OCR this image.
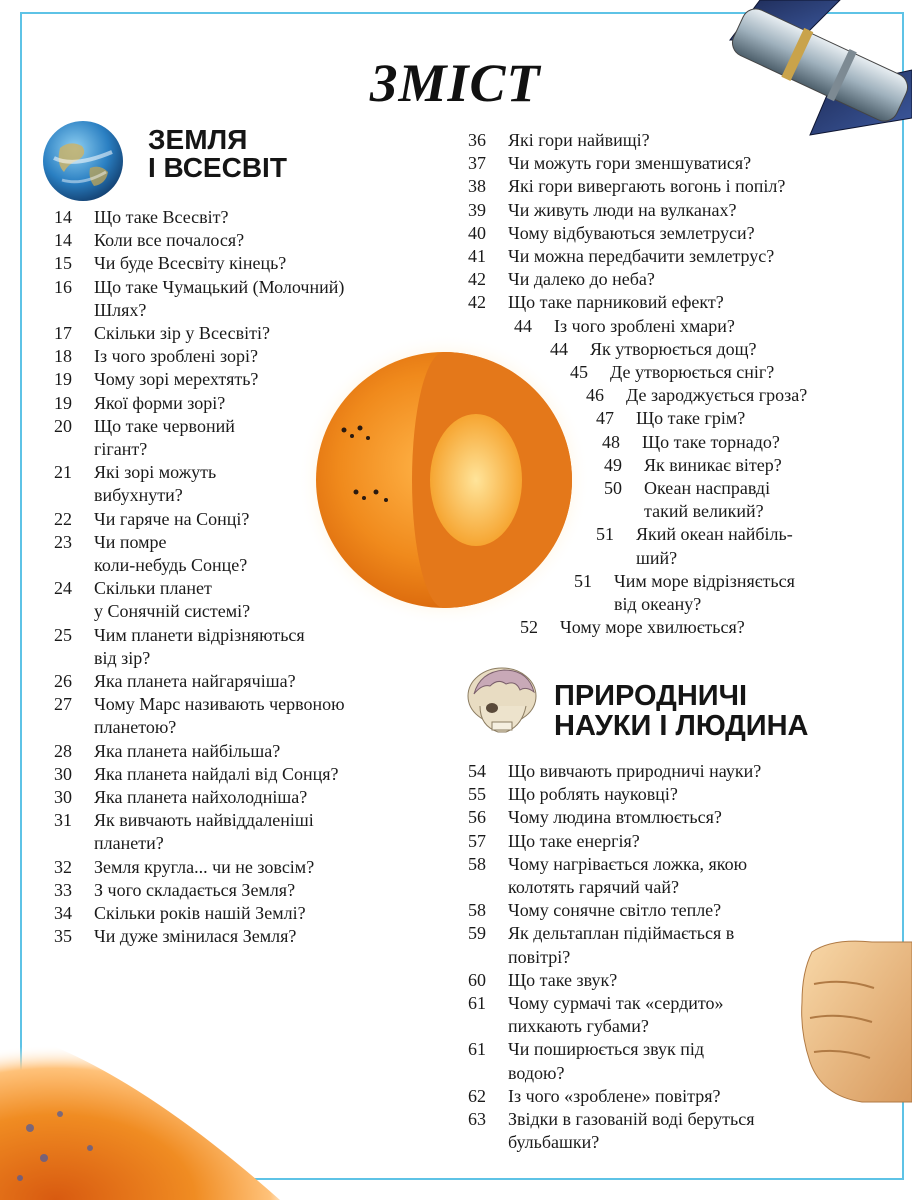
ЗМІСТ
ЗЕМЛЯ
І ВСЕСВІТ
14	Що таке Всесвіт?
14	Коли все почалося?
15	Чи буде Всесвіту кінець?
16	Що таке Чумацький (Молочний)
Шлях?
17	Скільки зір у Всесвіті?
18	Із чого зроблені зорі?
19	Чому зорі мерехтять?
19	Якої форми зорі?
20	Що таке червоний
гігант?
21	Які зорі можуть
вибухнути?
22	Чи гаряче на Сонці?
23	Чи помре
коли-небудь Сонце?
24	Скільки планет
у Сонячній системі?
25	Чим планети відрізняються
від зір?
26	Яка планета найгарячіша?
27	Чому Марс називають червоною
планетою?
28	Яка планета найбільша?
30	Яка планета найдалі від Сонця?
30	Яка планета найхолодніша?
31	Як вивчають найвіддаленіші
планети?
32	Земля кругла... чи не зовсім?
33	З чого складається Земля?
34	Скільки років нашій Землі?
35	Чи дуже змінилася Земля?
36	Які гори найвищі?
37	Чи можуть гори зменшуватися?
38	Які гори вивергають вогонь і попіл?
39	Чи живуть люди на вулканах?
40	Чому відбуваються землетруси?
41	Чи можна передбачити землетрус?
42	Чи далеко до неба?
42	Що таке парниковий ефект?
44	Із чого зроблені хмари?
44	Як утворюється дощ?
45	Де утворюється сніг?
46	Де зароджується гроза?
47	Що таке грім?
48	Що таке торнадо?
49	Як виникає вітер?
50	Океан насправді
такий великий?
51	Який океан найбіль-
ший?
51	Чим море відрізняється
від океану?
52	Чому море хвилюється?
ПРИРОДНИЧІ
НАУКИ І ЛЮДИНА
54	Що вивчають природничі науки?
55	Що роблять науковці?
56	Чому людина втомлюється?
57	Що таке енергія?
58	Чому нагрівається ложка, якою
колотять гарячий чай?
58	Чому сонячне світло тепле?
59	Як дельтаплан підіймається в
повітрі?
60	Що таке звук?
61	Чому сурмачі так «сердито»
пихкають губами?
61	Чи поширюється звук під
водою?
62	Із чого «зроблене» повітря?
63	Звідки в газованій воді беруться
бульбашки?
